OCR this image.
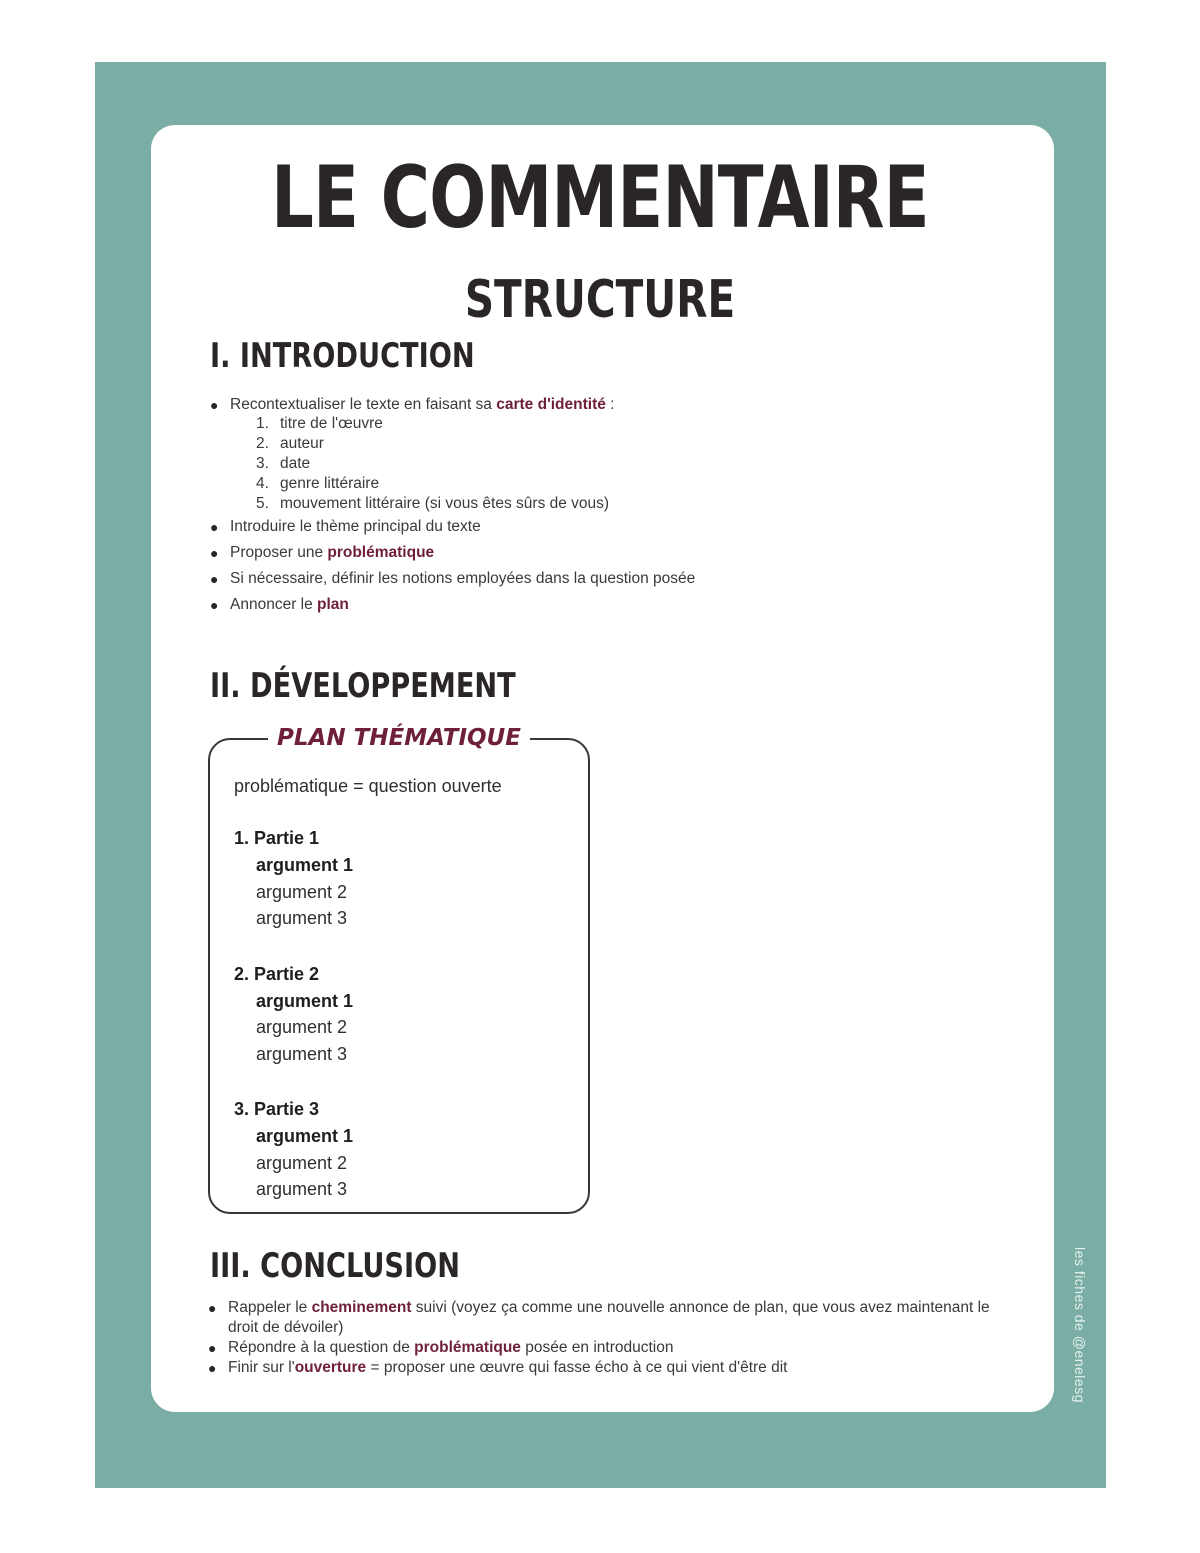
les fiches de @enelesg
LE COMMENTAIRE
STRUCTURE
I. INTRODUCTION
● Recontextualiser le texte en faisant sa carte d'identité :
1. titre de l'œuvre
2. auteur
3. date
4. genre littéraire
5. mouvement littéraire (si vous êtes sûrs de vous)
● Introduire le thème principal du texte
● Proposer une problématique
● Si nécessaire, définir les notions employées dans la question posée
● Annoncer le plan
II. DÉVELOPPEMENT
PLAN THÉMATIQUE
problématique = question ouverte
1. Partie 1
argument 1
argument 2
argument 3
2. Partie 2
argument 1
argument 2
argument 3
3. Partie 3
argument 1
argument 2
argument 3
III. CONCLUSION
● Rappeler le cheminement suivi (voyez ça comme une nouvelle annonce de plan, que vous avez maintenant le droit de dévoiler)
● Répondre à la question de problématique posée en introduction
● Finir sur l'ouverture = proposer une œuvre qui fasse écho à ce qui vient d'être dit
